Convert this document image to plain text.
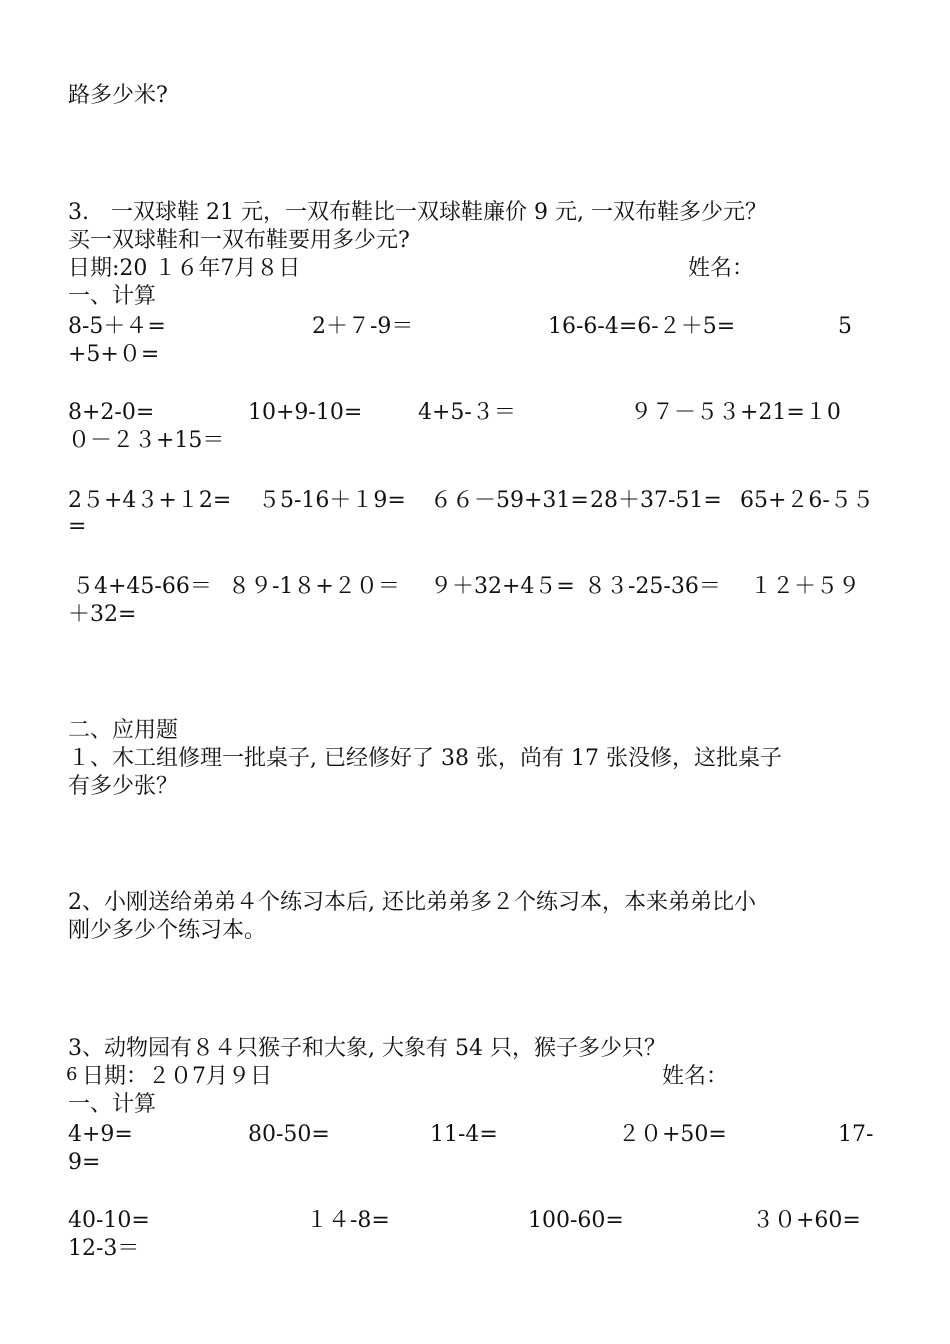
路多少米?
3.　一双球鞋 21 元，一双布鞋比一双球鞋廉价 9 元, 一双布鞋多少元？
买一双球鞋和一双布鞋要用多少元?
日期:20 １６年7月８日	姓名：
一、计算
8-5＋４=	2＋７-9＝	16-6-4=6-２＋5=	5
+5+０=
8+2-0=	10+9-10=	4+5-３＝	９７－５３+21=１0
０－２３+15＝
2５+4３+１2= ５5-16＋１9= ６６－59+31= 28＋37-51= 65+２6-５５
=
５4+45-66＝ ８９-1８+２０＝ ９＋32+4５= ８３-25-36＝ １２＋５９
＋32=
二、应用题
１、木工组修理一批桌子, 已经修好了 38 张，尚有 17 张没修，这批桌子
有多少张？
2、小刚送给弟弟４个练习本后, 还比弟弟多２个练习本，本来弟弟比小
刚少多少个练习本。
3、动物园有８４只猴子和大象, 大象有 54 只，猴子多少只？
6 日期：２０7月９日	姓名：
一、计算
4+9=	80-50=	11-4=	２０+50=	17-
9=
40-10=	１４-8=	100-60=	３０+60=
12-3＝
